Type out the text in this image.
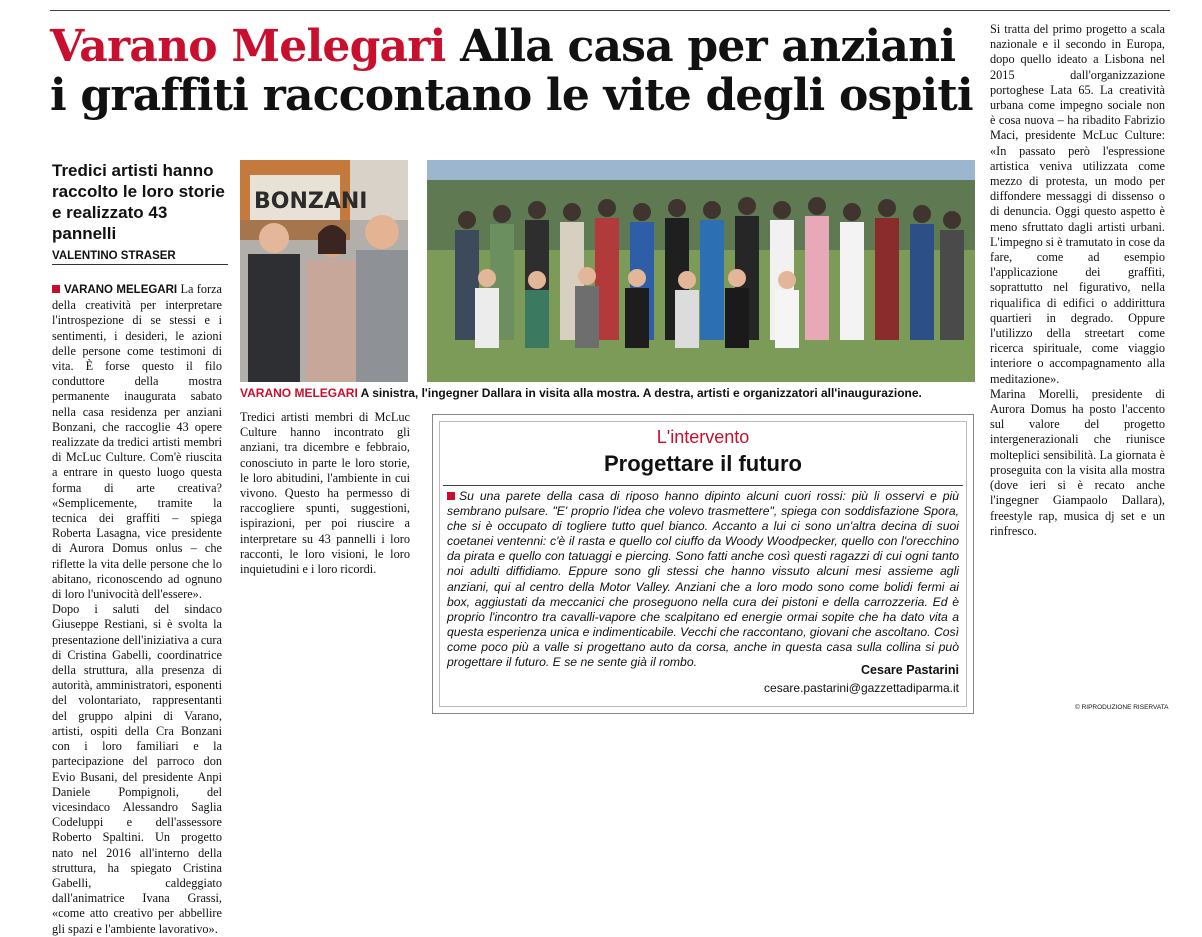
Varano Melegari Alla casa per anziani i graffiti raccontano le vite degli ospiti

Tredici artisti hanno raccolto le loro storie e realizzato 43 pannelli

VALENTINO STRASER

VARANO MELEGARI La forza della creatività per interpretare l'introspezione di se stessi e i sentimenti, i desideri, le azioni delle persone come testimoni di vita. È forse questo il filo conduttore della mostra permanente inaugurata sabato nella casa residenza per anziani Bonzani, che raccoglie 43 opere realizzate da tredici artisti membri di McLuc Culture. Com'è riuscita a entrare in questo luogo questa forma di arte creativa? «Semplicemente, tramite la tecnica dei graffiti – spiega Roberta Lasagna, vice presidente di Aurora Domus onlus – che riflette la vita delle persone che lo abitano, riconoscendo ad ognuno di loro l'univocità dell'essere».

Dopo i saluti del sindaco Giuseppe Restiani, si è svolta la presentazione dell'iniziativa a cura di Cristina Gabelli, coordinatrice della struttura, alla presenza di autorità, amministratori, esponenti del volontariato, rappresentanti del gruppo alpini di Varano, artisti, ospiti della Cra Bonzani con i loro familiari e la partecipazione del parroco don Evio Busani, del presidente Anpi Daniele Pompignoli, del vicesindaco Alessandro Saglia Codeluppi e dell'assessore Roberto Spaltini. Un progetto nato nel 2016 all'interno della struttura, ha spiegato Cristina Gabelli, caldeggiato dall'animatrice Ivana Grassi, «come atto creativo per abbellire gli spazi e l'ambiente lavorativo».

Tredici artisti membri di McLuc Culture hanno incontrato gli anziani, tra dicembre e febbraio, conosciuto in parte le loro storie, le loro abitudini, l'ambiente in cui vivono. Questo ha permesso di raccogliere spunti, suggestioni, ispirazioni, per poi riuscire a interpretare su 43 pannelli i loro racconti, le loro visioni, le loro inquietudini e i loro ricordi.

BONZANI
VARANO MELEGARI A sinistra, l'ingegner Dallara in visita alla mostra. A destra, artisti e organizzatori all'inaugurazione.
L'intervento
Progettare il futuro
Su una parete della casa di riposo hanno dipinto alcuni cuori rossi: più li osservi e più sembrano pulsare. "E' proprio l'idea che volevo trasmettere", spiega con soddisfazione Spora, che si è occupato di togliere tutto quel bianco. Accanto a lui ci sono un'altra decina di suoi coetanei ventenni: c'è il rasta e quello col ciuffo da Woody Woodpecker, quello con l'orecchino da pirata e quello con tatuaggi e piercing. Sono fatti anche così questi ragazzi di cui ogni tanto noi adulti diffidiamo. Eppure sono gli stessi che hanno vissuto alcuni mesi assieme agli anziani, qui al centro della Motor Valley. Anziani che a loro modo sono come bolidi fermi ai box, aggiustati da meccanici che proseguono nella cura dei pistoni e della carrozzeria. Ed è proprio l'incontro tra cavalli-vapore che scalpitano ed energie ormai sopite che ha dato vita a questa esperienza unica e indimenticabile. Vecchi che raccontano, giovani che ascoltano. Così come poco più a valle si progettano auto da corsa, anche in questa casa sulla collina si può progettare il futuro. E se ne sente già il rombo.
Cesare Pastarini
cesare.pastarini@gazzettadiparma.it

Si tratta del primo progetto a scala nazionale e il secondo in Europa, dopo quello ideato a Lisbona nel 2015 dall'organizzazione portoghese Lata 65. La creatività urbana come impegno sociale non è cosa nuova – ha ribadito Fabrizio Maci, presidente McLuc Culture: «In passato però l'espressione artistica veniva utilizzata come mezzo di protesta, un modo per diffondere messaggi di dissenso o di denuncia. Oggi questo aspetto è meno sfruttato dagli artisti urbani. L'impegno si è tramutato in cose da fare, come ad esempio l'applicazione dei graffiti, soprattutto nel figurativo, nella riqualifica di edifici o addirittura quartieri in degrado. Oppure l'utilizzo della streetart come ricerca spirituale, come viaggio interiore o accompagnamento alla meditazione».

Marina Morelli, presidente di Aurora Domus ha posto l'accento sul valore del progetto intergenerazionali che riunisce molteplici sensibilità. La giornata è proseguita con la visita alla mostra (dove ieri si è recato anche l'ingegner Giampaolo Dallara), freestyle rap, musica dj set e un rinfresco.

© RIPRODUZIONE RISERVATA
